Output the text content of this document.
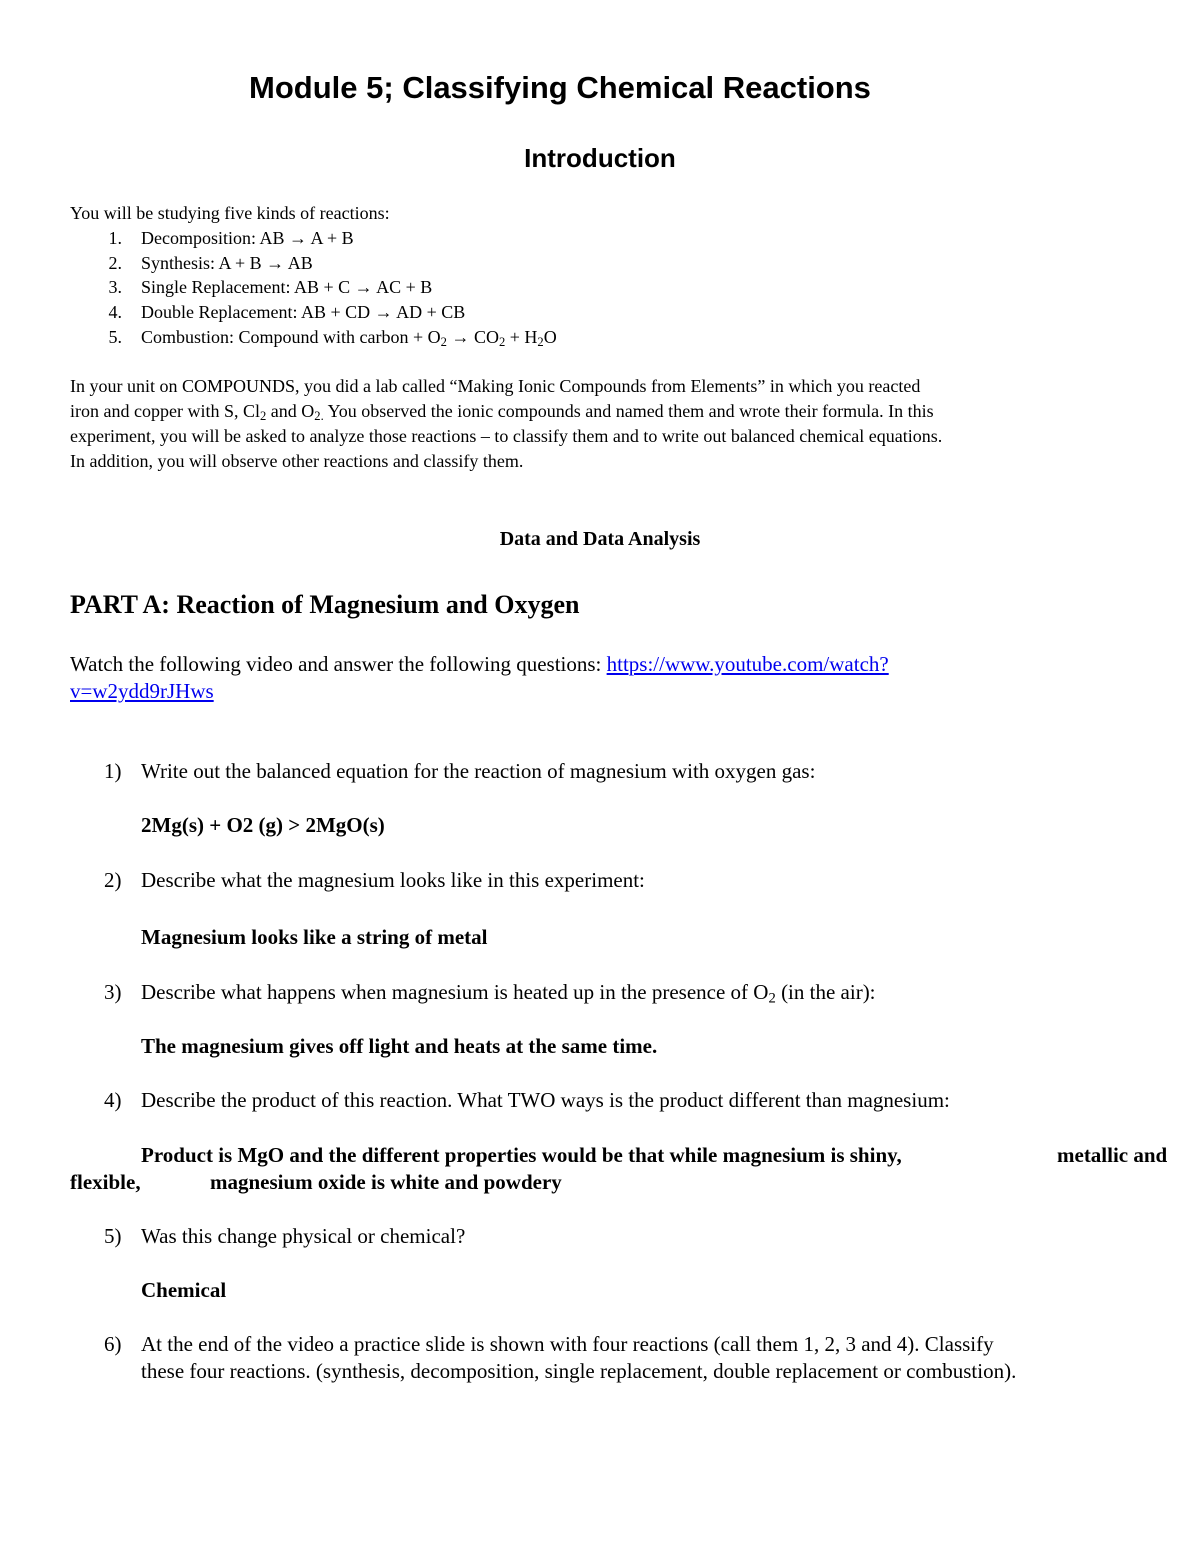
Module 5; Classifying Chemical Reactions
Introduction
You will be studying five kinds of reactions:
1. Decomposition: AB → A + B
2. Synthesis: A + B → AB
3. Single Replacement: AB + C → AC + B
4. Double Replacement: AB + CD → AD + CB
5. Combustion: Compound with carbon + $O_2 \to CO_2 + H_2O$
In your unit on COMPOUNDS, you did a lab called “Making Ionic Compounds from Elements” in which you reacted
iron and copper with S, $Cl_2$ and $O_{2.}$ You observed the ionic compounds and named them and wrote their formula. In this
experiment, you will be asked to analyze those reactions – to classify them and to write out balanced chemical equations.
In addition, you will observe other reactions and classify them.
Data and Data Analysis
PART A: Reaction of Magnesium and Oxygen
Watch the following video and answer the following questions: https://www.youtube.com/watch?
v=w2ydd9rJHws
1) Write out the balanced equation for the reaction of magnesium with oxygen gas:
2Mg(s) + O2 (g) > 2MgO(s)
2) Describe what the magnesium looks like in this experiment:
Magnesium looks like a string of metal
3) Describe what happens when magnesium is heated up in the presence of $O_2$ (in the air):
The magnesium gives off light and heats at the same time.
4) Describe the product of this reaction. What TWO ways is the product different than magnesium:
Product is MgO and the different properties would be that while magnesium is shiny,	metallic and
flexible,	magnesium oxide is white and powdery
5) Was this change physical or chemical?
Chemical
6) At the end of the video a practice slide is shown with four reactions (call them 1, 2, 3 and 4). Classify
these four reactions. (synthesis, decomposition, single replacement, double replacement or combustion).
